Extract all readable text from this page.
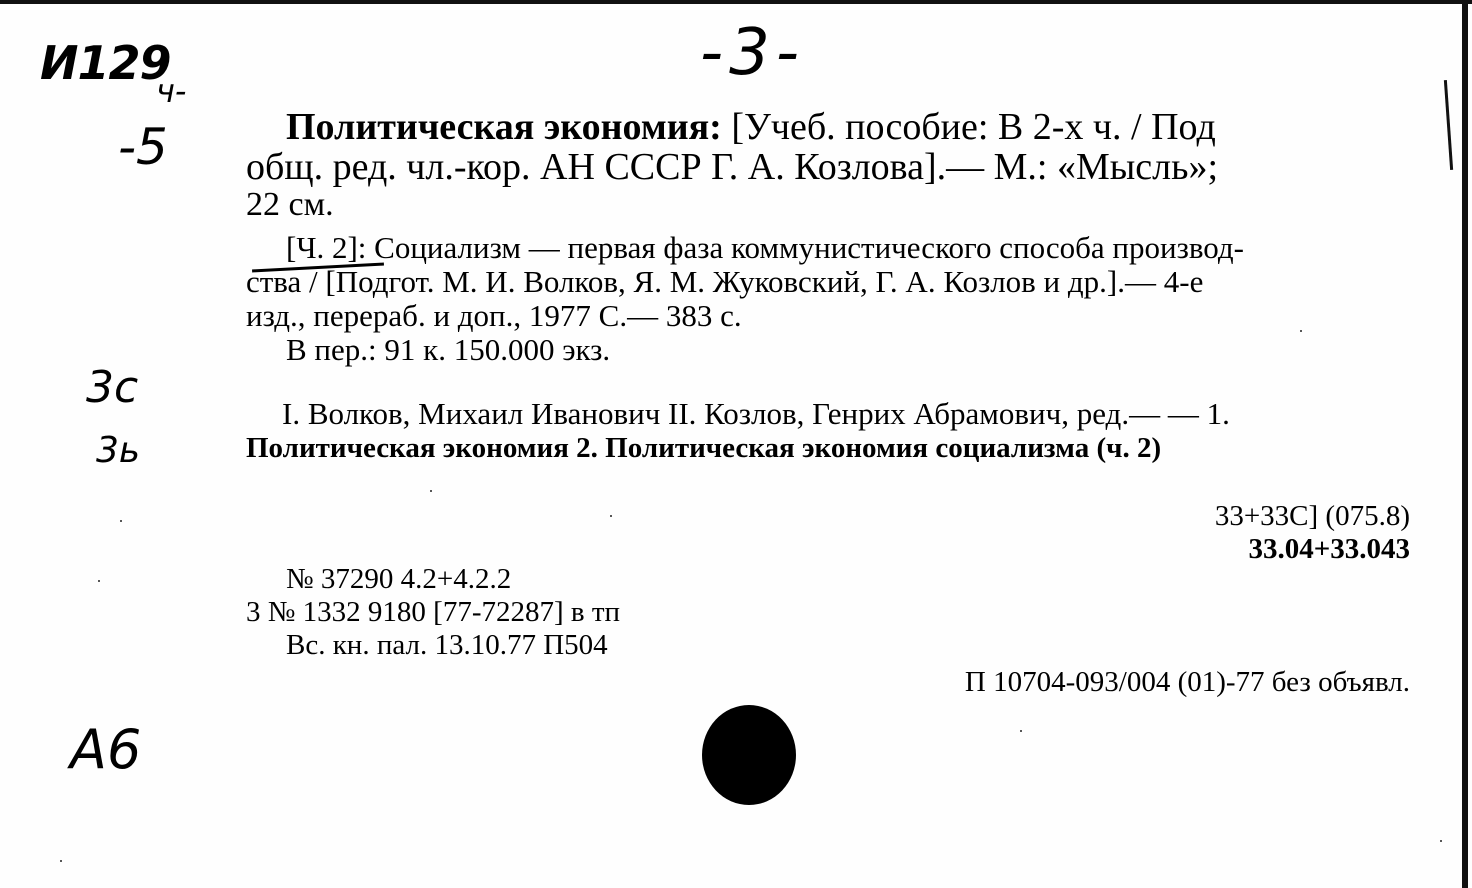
И129
ч-
-5
-3-
3c
3ь
А6
Политическая экономия: [Учеб. пособие: В 2-х ч. / Под
общ. ред. чл.-кор. АН СССР Г. А. Козлова].— М.: «Мысль»;
22 см.
[Ч. 2]: Социализм — первая фаза коммунистического способа производ-
ства / [Подгот. М. И. Волков, Я. М. Жуковский, Г. А. Козлов и др.].— 4-е
изд., перераб. и доп., 1977 С.— 383 с.
В пер.: 91 к. 150.000 экз.
I. Волков, Михаил Иванович II. Козлов, Генрих Абрамович, ред.— — 1.
Политическая экономия 2. Политическая экономия социализма (ч. 2)
33+33С] (075.8)
33.04+33.043
№ 37290 4.2+4.2.2
3 № 1332 9180 [77-72287] в тп
Вс. кн. пал. 13.10.77 П504
П 10704-093/004 (01)-77 без объявл.
